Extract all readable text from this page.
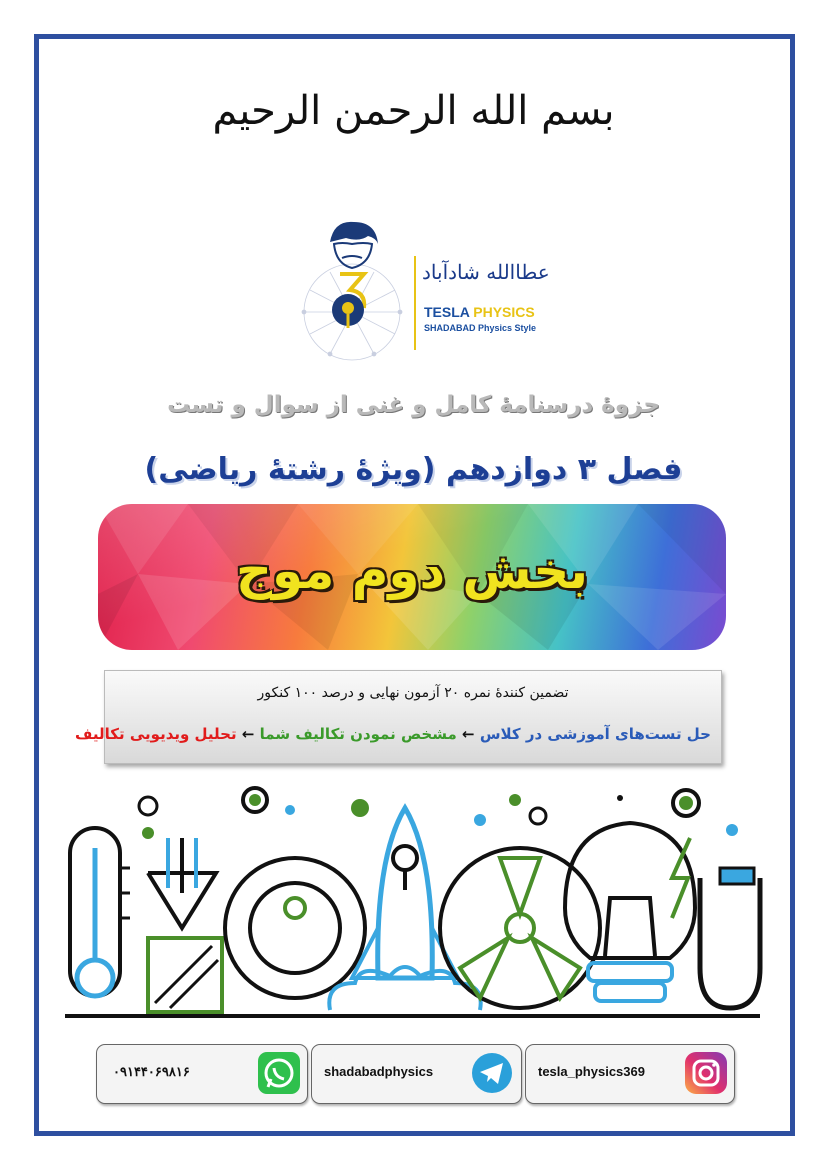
بسم الله الرحمن الرحيم
عطاالله شادآباد
TESLA PHYSICS
SHADABAD Physics Style
جزوهٔ درسنامهٔ کامل و غنی از سوال و تست
فصل ۳ دوازدهم (ویژهٔ رشتهٔ ریاضی)
بخش دوم موج
تضمین کنندهٔ نمره ۲۰ آزمون نهایی و درصد ۱۰۰ کنکور
حل تست‌های آموزشی در کلاس ← مشخص نمودن تکالیف شما ← تحلیل ویدیویی تکالیف
۰۹۱۴۴۰۶۹۸۱۶	shadabadphysics	tesla_physics369
